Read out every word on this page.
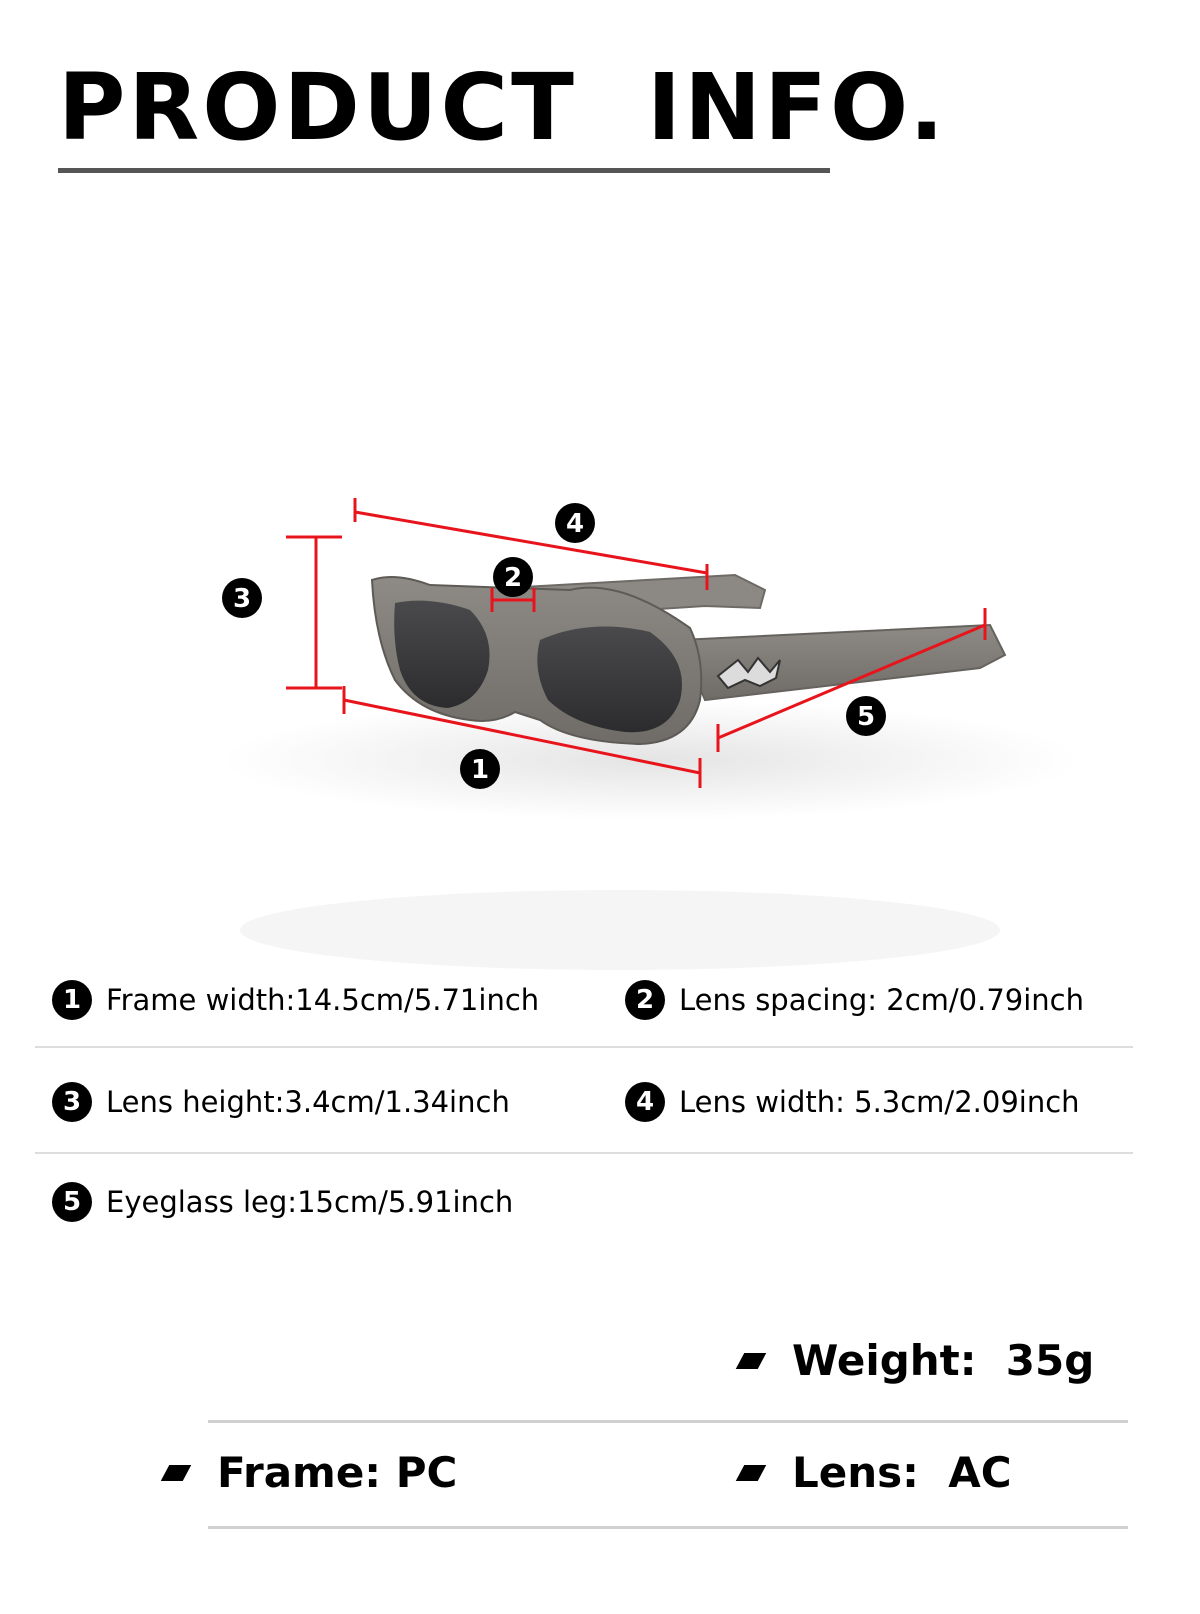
PRODUCT  INFO.
4
2
3
1
5
1 Frame width:14.5cm/5.71inch	2 Lens spacing: 2cm/0.79inch
3 Lens height:3.4cm/1.34inch	4 Lens width: 5.3cm/2.09inch
5 Eyeglass leg:15cm/5.91inch
Weight:  35g
Frame: PC	Lens:  AC
